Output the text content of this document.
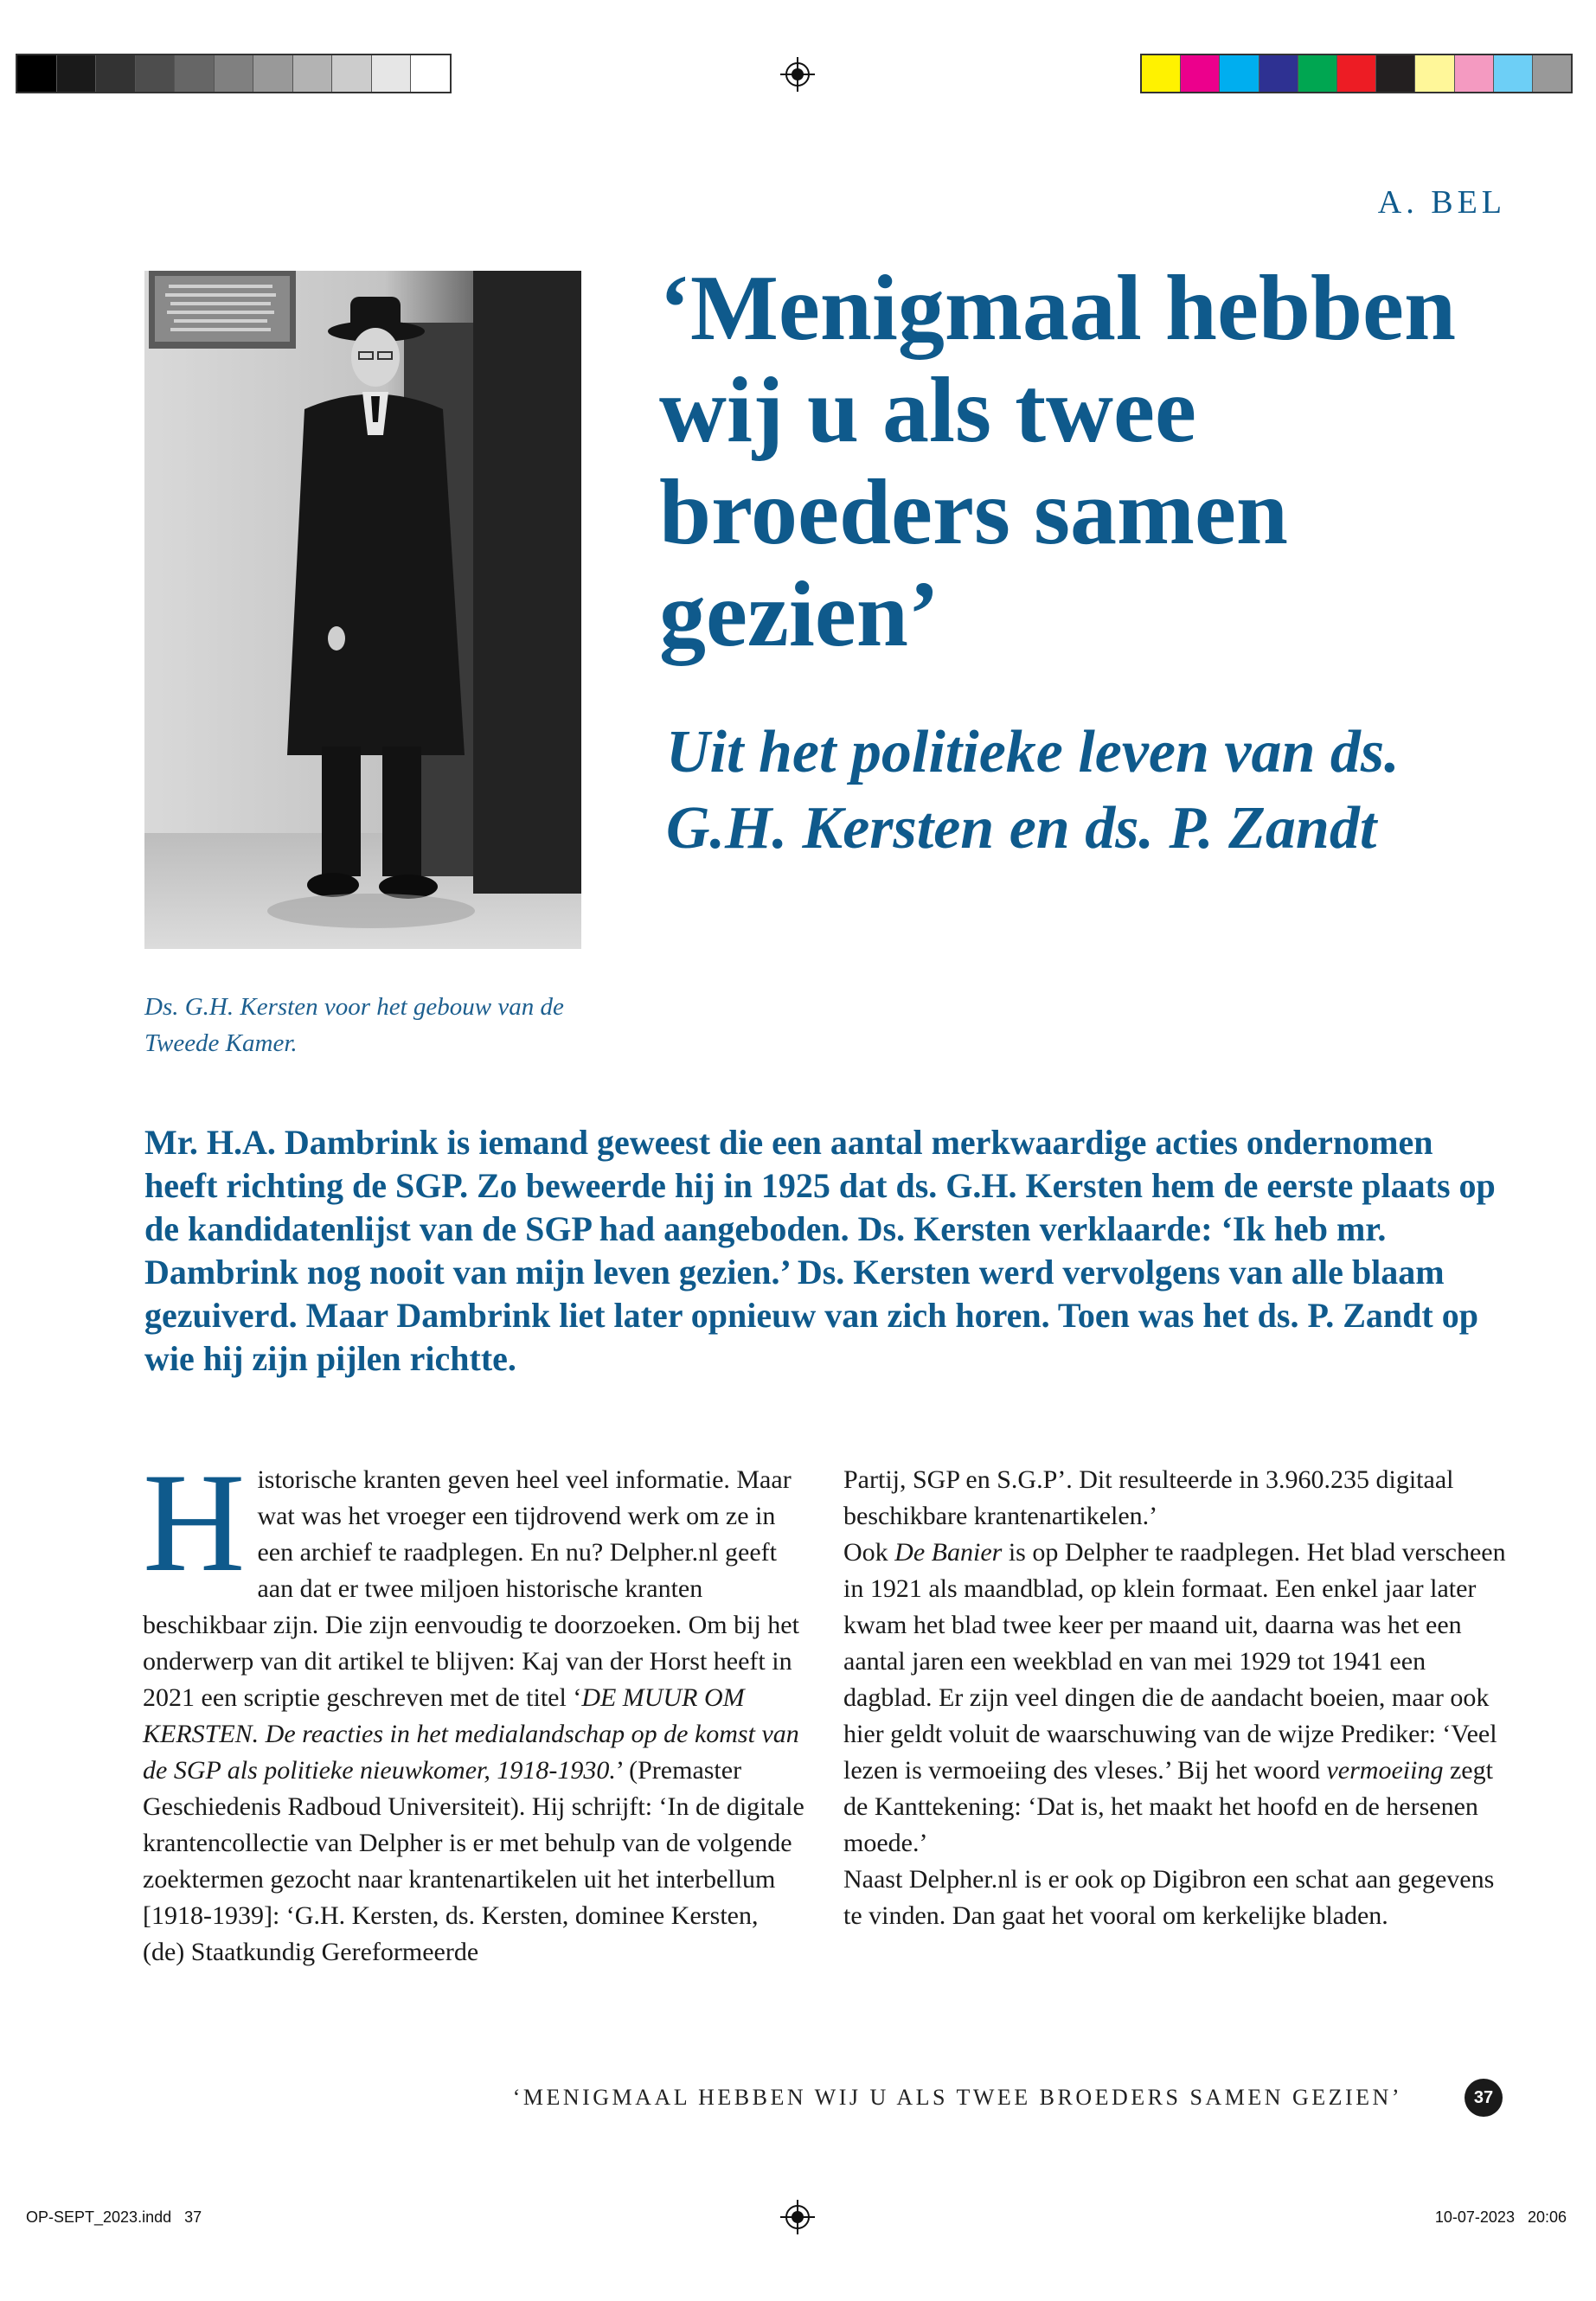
A. BEL
Ds. G.H. Kersten voor het gebouw van de Tweede Kamer.
‘Menigmaal hebben wij u als twee broeders samen gezien’
Uit het politieke leven van ds. G.H. Kersten en ds. P. Zandt
Mr. H.A. Dambrink is iemand geweest die een aantal merkwaardige acties ondernomen heeft richting de SGP. Zo beweerde hij in 1925 dat ds. G.H. Kersten hem de eerste plaats op de kandidatenlijst van de SGP had aangeboden. Ds. Kersten verklaarde: ‘Ik heb mr. Dambrink nog nooit van mijn leven gezien.’ Ds. Kersten werd vervolgens van alle blaam gezuiverd. Maar Dambrink liet later opnieuw van zich horen. Toen was het ds. P. Zandt op wie hij zijn pijlen richtte.

Historische kranten geven heel veel informatie. Maar wat was het vroeger een tijdrovend werk om ze in een archief te raadplegen. En nu? Delpher.nl geeft aan dat er twee miljoen historische kranten beschikbaar zijn. Die zijn eenvoudig te doorzoeken. Om bij het onderwerp van dit artikel te blijven: Kaj van der Horst heeft in 2021 een scriptie geschreven met de titel ‘DE MUUR OM KERSTEN. De reacties in het medialandschap op de komst van de SGP als politieke nieuwkomer, 1918-1930.’ (Premaster Geschiedenis Radboud Universiteit). Hij schrijft: ‘In de digitale krantencollectie van Delpher is er met behulp van de volgende zoektermen gezocht naar krantenartikelen uit het interbellum [1918-1939]: ‘G.H. Kersten, ds. Kersten, dominee Kersten, (de) Staatkundig Gereformeerde

Partij, SGP en S.G.P’. Dit resulteerde in 3.960.235 digitaal beschikbare krantenartikelen.’

Ook De Banier is op Delpher te raadplegen. Het blad verscheen in 1921 als maandblad, op klein formaat. Een enkel jaar later kwam het blad twee keer per maand uit, daarna was het een aantal jaren een weekblad en van mei 1929 tot 1941 een dagblad. Er zijn veel dingen die de aandacht boeien, maar ook hier geldt voluit de waarschuwing van de wijze Prediker: ‘Veel lezen is vermoeiing des vleses.’ Bij het woord vermoeiing zegt de Kanttekening: ‘Dat is, het maakt het hoofd en de hersenen moede.’

Naast Delpher.nl is er ook op Digibron een schat aan gegevens te vinden. Dan gaat het vooral om kerkelijke bladen.

‘MENIGMAAL HEBBEN WIJ U ALS TWEE BROEDERS SAMEN GEZIEN’	37
OP-SEPT_2023.indd   37	10-07-2023   20:06
